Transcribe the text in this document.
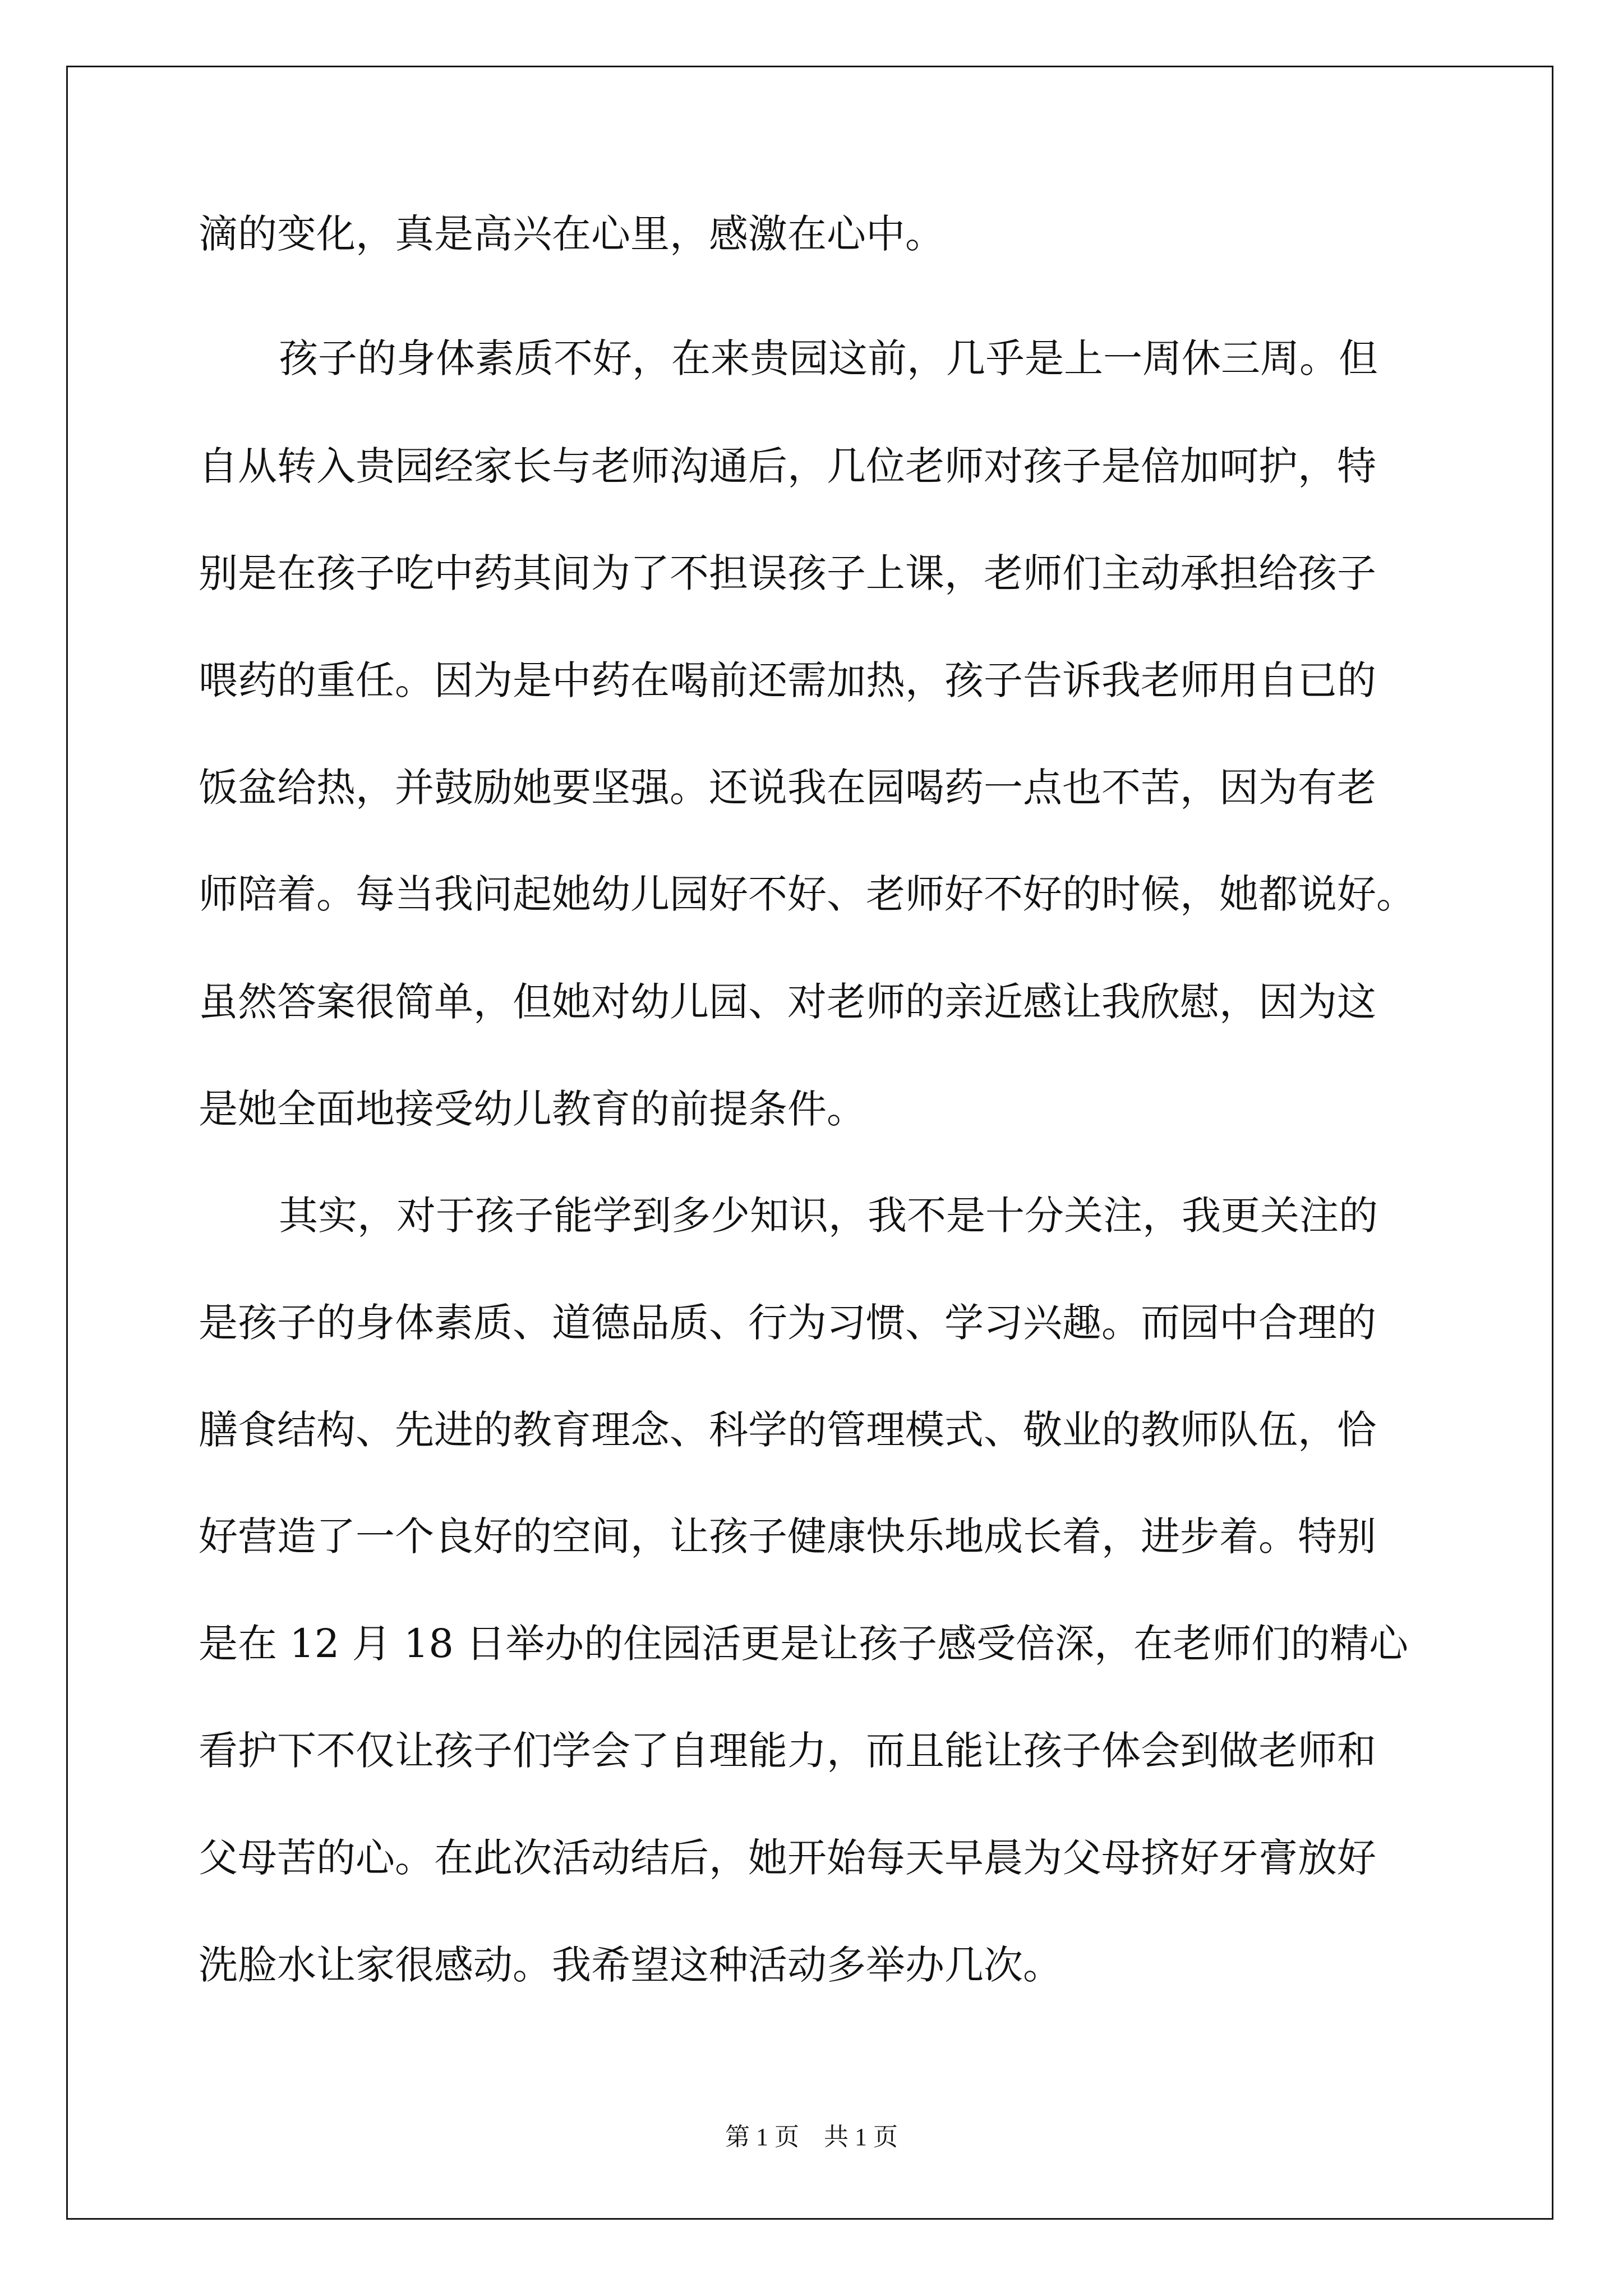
滴的变化，真是高兴在心里，感激在心中。

孩子的身体素质不好，在来贵园这前，几乎是上一周休三周。但

自从转入贵园经家长与老师沟通后，几位老师对孩子是倍加呵护，特

别是在孩子吃中药其间为了不担误孩子上课，老师们主动承担给孩子

喂药的重任。因为是中药在喝前还需加热，孩子告诉我老师用自已的

饭盆给热，并鼓励她要坚强。还说我在园喝药一点也不苦，因为有老

师陪着。每当我问起她幼儿园好不好、老师好不好的时候，她都说好。

虽然答案很简单，但她对幼儿园、对老师的亲近感让我欣慰，因为这

是她全面地接受幼儿教育的前提条件。

其实，对于孩子能学到多少知识，我不是十分关注，我更关注的

是孩子的身体素质、道德品质、行为习惯、学习兴趣。而园中合理的

膳食结构、先进的教育理念、科学的管理模式、敬业的教师队伍，恰

好营造了一个良好的空间，让孩子健康快乐地成长着，进步着。特别

是在 12 月 18 日举办的住园活更是让孩子感受倍深，在老师们的精心

看护下不仅让孩子们学会了自理能力，而且能让孩子体会到做老师和

父母苦的心。在此次活动结后，她开始每天早晨为父母挤好牙膏放好

洗脸水让家很感动。我希望这种活动多举办几次。

第 1 页　共 1 页
